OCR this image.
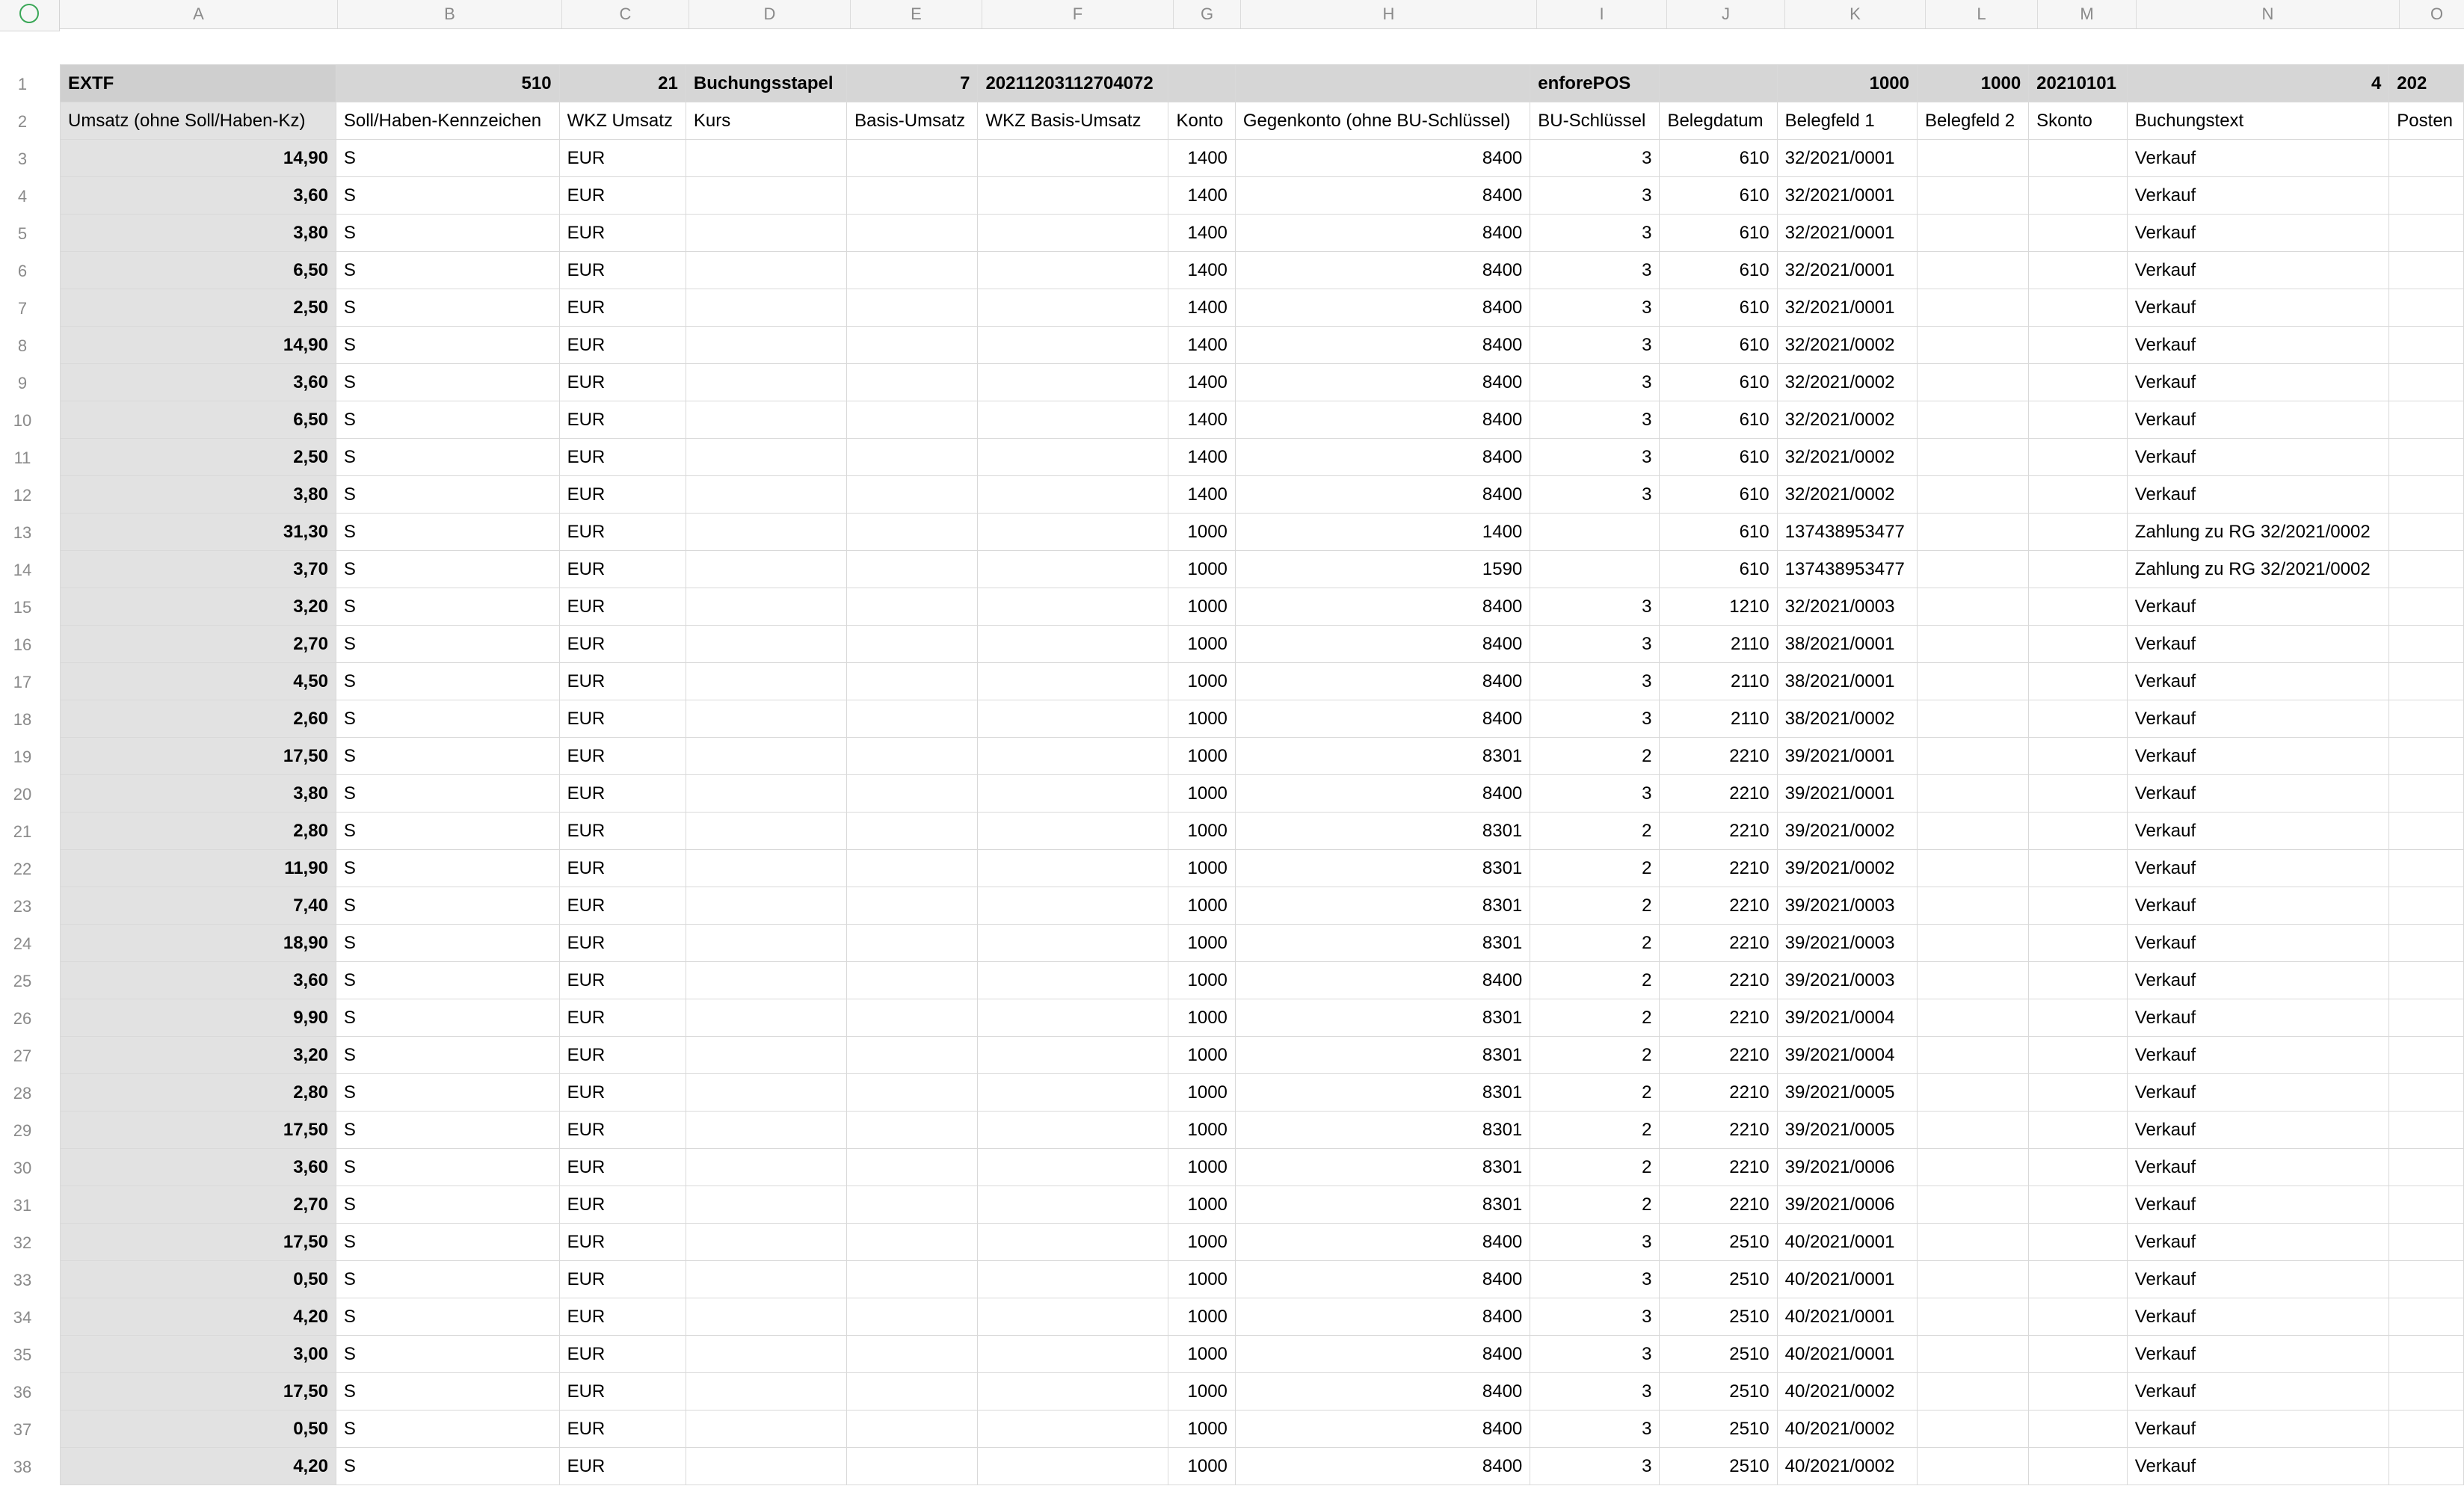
A	B	C	D	E	F	G	H	I	J	K	L	M	N	O
1
2
3
4
5
6
7
8
9
10
11
12
13
14
15
16
17
18
19
20
21
22
23
24
25
26
27
28
29
30
31
32
33
34
35
36
37
38
EXTF	510	21	Buchungsstapel	7	20211203112704072			enforePOS		1000	1000	20210101	4	202
Umsatz (ohne Soll/Haben-Kz)	Soll/Haben-Kennzeichen	WKZ Umsatz	Kurs	Basis-Umsatz	WKZ Basis-Umsatz	Konto	Gegenkonto (ohne BU-Schlüssel)	BU-Schlüssel	Belegdatum	Belegfeld 1	Belegfeld 2	Skonto	Buchungstext	Posten
14,90	S	EUR				1400	8400	3	610	32/2021/0001			Verkauf	
3,60	S	EUR				1400	8400	3	610	32/2021/0001			Verkauf	
3,80	S	EUR				1400	8400	3	610	32/2021/0001			Verkauf	
6,50	S	EUR				1400	8400	3	610	32/2021/0001			Verkauf	
2,50	S	EUR				1400	8400	3	610	32/2021/0001			Verkauf	
14,90	S	EUR				1400	8400	3	610	32/2021/0002			Verkauf	
3,60	S	EUR				1400	8400	3	610	32/2021/0002			Verkauf	
6,50	S	EUR				1400	8400	3	610	32/2021/0002			Verkauf	
2,50	S	EUR				1400	8400	3	610	32/2021/0002			Verkauf	
3,80	S	EUR				1400	8400	3	610	32/2021/0002			Verkauf	
31,30	S	EUR				1000	1400		610	137438953477			Zahlung zu RG 32/2021/0002	
3,70	S	EUR				1000	1590		610	137438953477			Zahlung zu RG 32/2021/0002	
3,20	S	EUR				1000	8400	3	1210	32/2021/0003			Verkauf	
2,70	S	EUR				1000	8400	3	2110	38/2021/0001			Verkauf	
4,50	S	EUR				1000	8400	3	2110	38/2021/0001			Verkauf	
2,60	S	EUR				1000	8400	3	2110	38/2021/0002			Verkauf	
17,50	S	EUR				1000	8301	2	2210	39/2021/0001			Verkauf	
3,80	S	EUR				1000	8400	3	2210	39/2021/0001			Verkauf	
2,80	S	EUR				1000	8301	2	2210	39/2021/0002			Verkauf	
11,90	S	EUR				1000	8301	2	2210	39/2021/0002			Verkauf	
7,40	S	EUR				1000	8301	2	2210	39/2021/0003			Verkauf	
18,90	S	EUR				1000	8301	2	2210	39/2021/0003			Verkauf	
3,60	S	EUR				1000	8400	2	2210	39/2021/0003			Verkauf	
9,90	S	EUR				1000	8301	2	2210	39/2021/0004			Verkauf	
3,20	S	EUR				1000	8301	2	2210	39/2021/0004			Verkauf	
2,80	S	EUR				1000	8301	2	2210	39/2021/0005			Verkauf	
17,50	S	EUR				1000	8301	2	2210	39/2021/0005			Verkauf	
3,60	S	EUR				1000	8301	2	2210	39/2021/0006			Verkauf	
2,70	S	EUR				1000	8301	2	2210	39/2021/0006			Verkauf	
17,50	S	EUR				1000	8400	3	2510	40/2021/0001			Verkauf	
0,50	S	EUR				1000	8400	3	2510	40/2021/0001			Verkauf	
4,20	S	EUR				1000	8400	3	2510	40/2021/0001			Verkauf	
3,00	S	EUR				1000	8400	3	2510	40/2021/0001			Verkauf	
17,50	S	EUR				1000	8400	3	2510	40/2021/0002			Verkauf	
0,50	S	EUR				1000	8400	3	2510	40/2021/0002			Verkauf	
4,20	S	EUR				1000	8400	3	2510	40/2021/0002			Verkauf	
